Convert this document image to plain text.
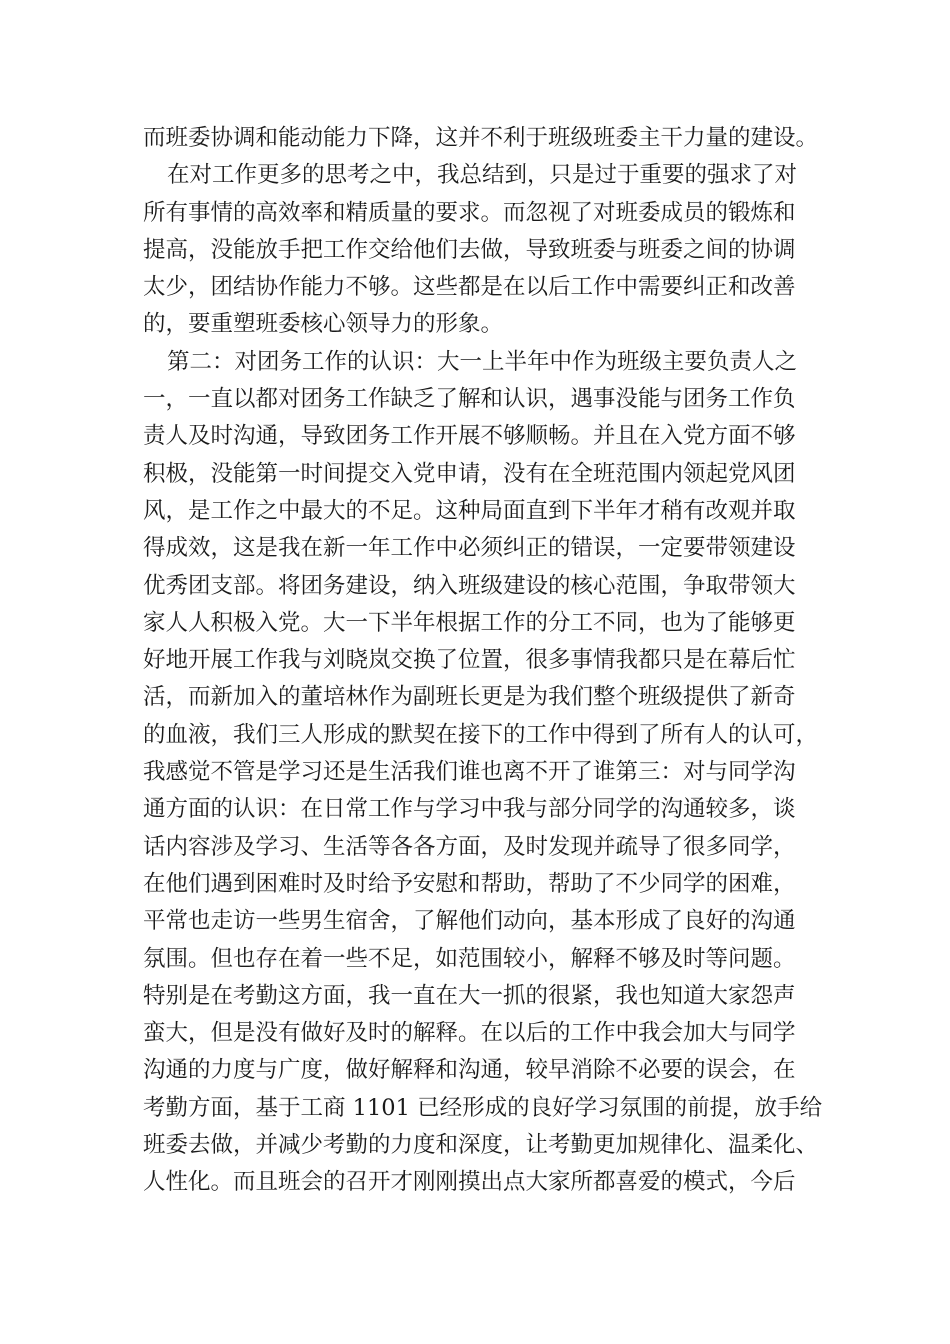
而班委协调和能动能力下降，这并不利于班级班委主干力量的建设。
在对工作更多的思考之中，我总结到，只是过于重要的强求了对
所有事情的高效率和精质量的要求。而忽视了对班委成员的锻炼和
提高，没能放手把工作交给他们去做，导致班委与班委之间的协调
太少，团结协作能力不够。这些都是在以后工作中需要纠正和改善
的，要重塑班委核心领导力的形象。
第二：对团务工作的认识：大一上半年中作为班级主要负责人之
一，一直以都对团务工作缺乏了解和认识，遇事没能与团务工作负
责人及时沟通，导致团务工作开展不够顺畅。并且在入党方面不够
积极，没能第一时间提交入党申请，没有在全班范围内领起党风团
风，是工作之中最大的不足。这种局面直到下半年才稍有改观并取
得成效，这是我在新一年工作中必须纠正的错误，一定要带领建设
优秀团支部。将团务建设，纳入班级建设的核心范围，争取带领大
家人人积极入党。大一下半年根据工作的分工不同，也为了能够更
好地开展工作我与刘晓岚交换了位置，很多事情我都只是在幕后忙
活，而新加入的董培林作为副班长更是为我们整个班级提供了新奇
的血液，我们三人形成的默契在接下的工作中得到了所有人的认可，
我感觉不管是学习还是生活我们谁也离不开了谁第三：对与同学沟
通方面的认识：在日常工作与学习中我与部分同学的沟通较多，谈
话内容涉及学习、生活等各各方面，及时发现并疏导了很多同学，
在他们遇到困难时及时给予安慰和帮助，帮助了不少同学的困难，
平常也走访一些男生宿舍，了解他们动向，基本形成了良好的沟通
氛围。但也存在着一些不足，如范围较小，解释不够及时等问题。
特别是在考勤这方面，我一直在大一抓的很紧，我也知道大家怨声
蛮大，但是没有做好及时的解释。在以后的工作中我会加大与同学
沟通的力度与广度，做好解释和沟通，较早消除不必要的误会，在
考勤方面，基于工商 1101 已经形成的良好学习氛围的前提，放手给
班委去做，并减少考勤的力度和深度，让考勤更加规律化、温柔化、
人性化。而且班会的召开才刚刚摸出点大家所都喜爱的模式，今后
